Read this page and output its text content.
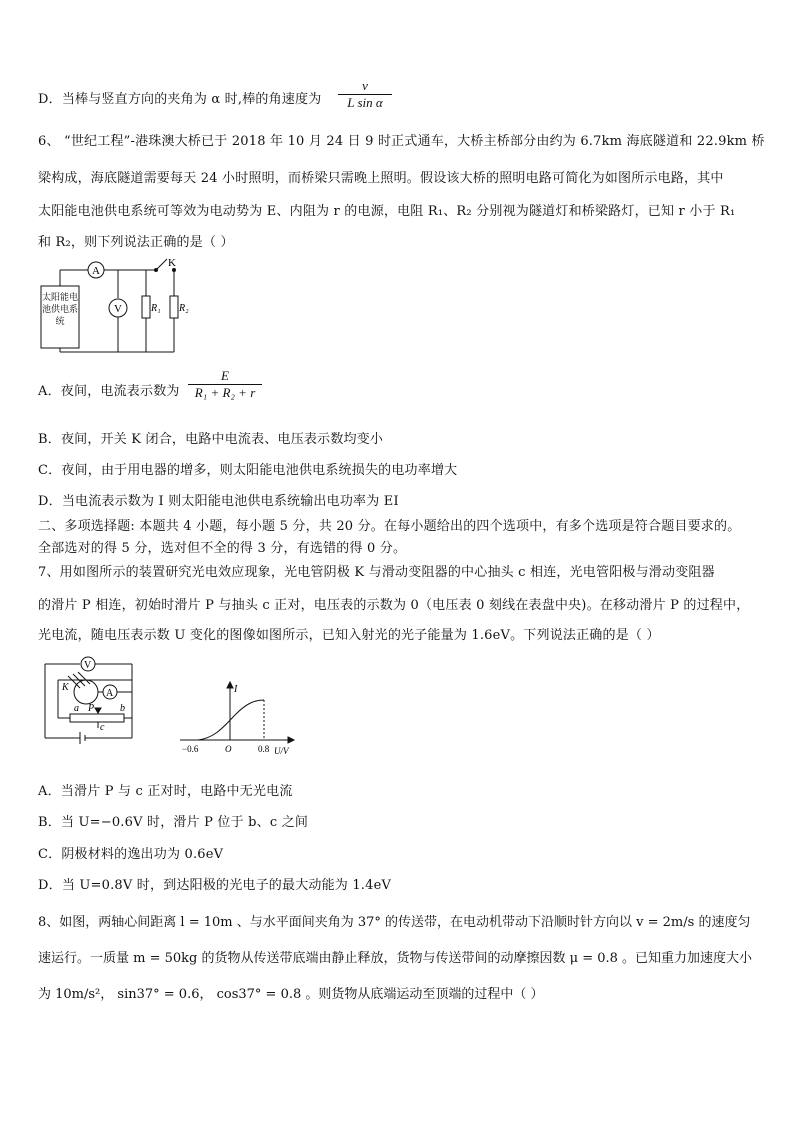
D．当棒与竖直方向的夹角为 α 时,棒的角速度为 $\frac{v}{\text{L sin α}}$
6、 “世纪工程”-港珠澳大桥已于 2018 年 10 月 24 日 9 时正式通车，大桥主桥部分由约为 6.7km 海底隧道和 22.9km 桥
梁构成，海底隧道需要每天 24 小时照明，而桥梁只需晚上照明。假设该大桥的照明电路可简化为如图所示电路，其中
太阳能电池供电系统可等效为电动势为 E、内阻为 r 的电源，电阻 R₁、R₂ 分别视为隧道灯和桥梁路灯，已知 r 小于 R₁
和 R₂，则下列说法正确的是（ ）
A
V
K
R₁ R₂
太阳能电池供电系统
A．夜间，电流表示数为 $\frac{E}{\text{R₁ + R₂ + r}}$
B．夜间，开关 K 闭合，电路中电流表、电压表示数均变小
C．夜间，由于用电器的增多，则太阳能电池供电系统损失的电功率增大
D．当电流表示数为 I 则太阳能电池供电系统输出电功率为 EI
二、多项选择题: 本题共 4 小题，每小题 5 分，共 20 分。在每小题给出的四个选项中，有多个选项是符合题目要求的。
全部选对的得 5 分，选对但不全的得 3 分，有选错的得 0 分。
7、用如图所示的装置研究光电效应现象，光电管阴极 K 与滑动变阻器的中心抽头 c 相连，光电管阳极与滑动变阻器
的滑片 P 相连，初始时滑片 P 与抽头 c 正对，电压表的示数为 0（电压表 0 刻线在表盘中央)。在移动滑片 P 的过程中，
光电流，随电压表示数 U 变化的图像如图所示，已知入射光的光子能量为 1.6eV。下列说法正确的是（ ）
V
A
K
a P	b
c
I
−0.6	O	0.8 U/V
A．当滑片 P 与 c 正对时，电路中无光电流
B．当 U=−0.6V 时，滑片 P 位于 b、c 之间
C．阴极材料的逸出功为 0.6eV
D．当 U=0.8V 时，到达阳极的光电子的最大动能为 1.4eV
8、如图，两轴心间距离 l = 10m 、与水平面间夹角为 37° 的传送带，在电动机带动下沿顺时针方向以 v = 2m/s 的速度匀速运行。一质量 m = 50kg 的货物从传送带底端由静止释放，货物与传送带间的动摩擦因数 μ = 0.8 。已知重力加速度大小为 10m/s²， sin37° = 0.6， cos37° = 0.8 。则货物从底端运动至顶端的过程中（ ）
